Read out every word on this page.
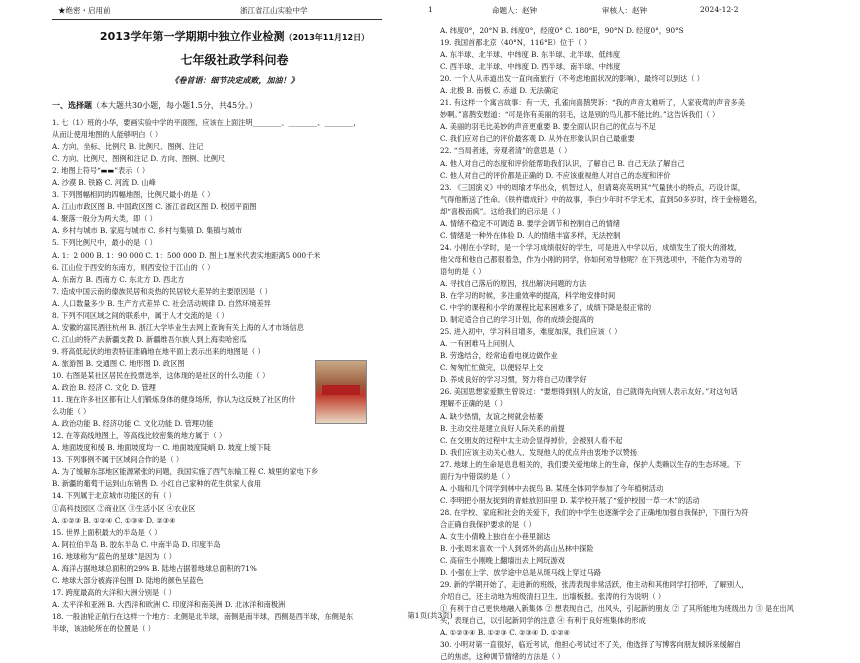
★绝密・启用前	浙江省江山实验中学	1	命题人：赵钟	审核人：赵钟	2024-12-2
2013学年第一学期期中独立作业检测（2013年11月12日）
七年级社政学科问卷
《卷首语：细节决定成败，加油！》
一、选择题（本大题共30小题，每小题1.5分，共45分。）
1. 七（1）班的小华，要画实验中学的平面图，应该在上面注明________、________、________，
从而让使用地图的人能够明白（ ）
A. 方向、坐标、比例尺 B. 比例尺、图例、注记
C. 方向、比例尺、图例和注记 D. 方向、图例、比例尺
2. 地图上符号“▬▬”表示（ ）
A. 沙漠 B. 铁路 C. 河流 D. 山峰
3. 下列图幅相同的四幅地图，比例尺最小的是（ ）
A. 江山市政区图 B. 中国政区图 C. 浙江省政区图 D. 校园平面图
4. 聚落一般分为两大类，即（ ）
A. 乡村与城市 B. 家庭与城市 C. 乡村与集镇 D. 集镇与城市
5. 下列比例尺中，最小的是（ ）
A. 1：2 000 B. 1：90 000 C. 1：500 000 D. 图上1厘米代表实地距离5 000千米
6. 江山位于西安的东南方，则西安位于江山的（ ）
A. 东南方 B. 西南方 C. 东北方 D. 西北方
7. 造成中国云南的傣族民居和炎热的民居较大差异的主要原因是（ ）
A. 人口数量多少 B. 生产方式差异 C. 社会活动规律 D. 自然环境差异
8. 下列不同区域之间的联系中，属于人才交流的是（ ）
A. 安徽的富民酒往杭州 B. 浙江大学毕业生去网上查询有关上海的人才市场信息
C. 江山的特产去新疆支教 D. 新疆维吾尔族人到上海卖哈密瓜
9. 将高低起伏的地表特征准确地在地平面上表示出来的地图是（ ）
A. 旅游图 B. 交通图 C. 地形图 D. 政区图
10. 右图是某社区居民在投票选举，这体现的是社区的什么功能（ ）
A. 政治 B. 经济 C. 文化 D. 管理
11. 现在许多社区都有让人们锻炼身体的健身场所，你认为这反映了社区的什
么功能（ ）
A. 政治功能 B. 经济功能 C. 文化功能 D. 管理功能
12. 在等高线地图上，等高线比较密集的地方属于（ ）
A. 地面坡度和缓 B. 地面坡度均一 C. 地面坡度陡峭 D. 坡度上缓下陡
13. 下列事例不属于区域间合作的是（ ）
A. 为了缓解东部地区能源紧张的问题，我国实施了西气东输工程 C. 城里的家电下乡
B. 新疆的葡萄干运到山东销售 D. 小红自己家种的花生供家人食用
14. 下列属于北京城市功能区的有（ ）
①高科技园区 ②商业区 ③生活小区 ④农业区
A. ①②③ B. ①②④ C. ①③④ D. ②③④
15. 世界上面积最大的半岛是（ ）
A. 阿拉伯半岛 B. 胶东半岛 C. 中南半岛 D. 印度半岛
16. 地球称为“蓝色的星球”是因为（ ）
A. 海洋占据地球总面积的29% B. 陆地占据着地球总面积的71%
C. 地球大部分被海洋包围 D. 陆地的颜色呈蓝色
17. 跨度最高的大洋和大洲分别是（ ）
A. 太平洋和亚洲 B. 大西洋和欧洲 C. 印度洋和南美洲 D. 北冰洋和南极洲
18. 一般油轮正航行在这样一个地方：北侧是北半球，南侧是南半球，西侧是西半球，东侧是东
半球，该油轮所在的位置是（ ）
A. 纬度0°，20°N B. 纬度0°，经度0° C. 180°E，90°N D. 经度0°，90°S
19. 我国首都北京（40°N，116°E）位于（ ）
A. 东半球、北半球、中纬度 B. 东半球、北半球、低纬度
C. 西半球、北半球、中纬度 D. 西半球、南半球、中纬度
20. 一个人从赤道出发一直向南旅行（不考虑地面状况的影响），最终可以到达（ ）
A. 北极 B. 南极 C. 赤道 D. 无法确定
21. 有这样一个寓言故事：有一天，孔雀向喜鹊哭诉：“我的声音太难听了，人家夜莺的声音多美
妙啊。”喜鹊安慰道：“可是你有美丽的羽毛，这是别的鸟儿都不能比的。”这告诉我们（ ）
A. 美丽的羽毛比美妙的声音更重要 B. 要全面认识自己的优点与不足
C. 我们应对自己的评价最客观 D. 从外在形象认识自己最重要
22. “当局者迷，旁观者清”的意思是（ ）
A. 他人对自己的态度和评价能帮助我们认识，了解自己 B. 自己无法了解自己
C. 他人对自己的评价都是正确的 D. 不应该重视他人对自己的态度和评价
23. 《三国演义》中的周瑜才华出众，机智过人，但请葛亮英明其“气量狭小的特点，巧设计谋，
气得他断送了性命。《铁杵磨成针》中的故事，李白少年时不学无术，直到50多岁时，终于金榜题名，
却“喜极而疯”。这给我们的启示是（ ）
A. 情绪不稳定不可调适 B. 要学会调节和控制自己的情绪
C. 情绪是一种外在体验 D. 人的情绪丰富多样，无法控制
24. 小刚在小学时，是一个学习成绩很好的学生，可是进入中学以后，成绩发生了很大的滑坡，
他父母和他自己都很着急，作为小刚的同学，你如何劝导他呢？在下列选项中，不能作为劝导的
语句的是（ ）
A. 寻找自己落后的原因，找出解决问题的方法
B. 在学习的时候，多注重效率的提高，科学地安排时间
C. 中学的课程和小学的课程比起来困难多了，成绩下降是很正常的
D. 制定适合自己的学习计划，你的成绩会提高的
25. 进入初中，学习科目增多，难度加深，我们应该（ ）
A. 一有困难马上问别人
B. 劳逸结合，经常追看电视边做作业
C. 匆匆忙忙做完，以便轻早上交
D. 养成良好的学习习惯，努力将自己功课学好
26. 美国思想家爱默生曾说过：“要想得到别人的友谊，自己就得先向别人表示友好。”对这句话
理解不正确的是（ ）
A. 缺少热情，友谊之树就会枯萎
B. 主动交往是建立良好人际关系的前提
C. 在交朋友的过程中太主动会显得掉价，会被别人看不起
D. 我们应该主动关心他人、发现他人的优点并由衷地予以赞扬
27. 地球上的生命是息息相关的，我们要关爱地球上的生命，保护人类赖以生存的生态环境。下
面行为中错误的是（ ）
A. 小瑞和几个同学到林中去捉鸟 B. 某班全体同学参加了今年植树活动
C. 李明把小朋友捉到的青蛙放回田里 D. 某学校开展了“爱护校园一草一木”的活动
28. 在学校、家庭和社会的关爱下，我们的中学生也逐渐学会了正确地加强自我保护，下面行为符
合正确自我保护要求的是（ ）
A. 女生小倩晚上独自在小巷里溜达
B. 小张周末喜欢一个人到郊外的高山丛林中探险
C. 高宿生小刚晚上翻墙出去上网玩游戏
D. 小强在上学、放学途中总是从斑马线上穿过马路
29. 新的学期开始了，走进新的班级，张涛表现非常活跃，他主动和其他同学打招呼，了解别人，
介绍自己，还主动地为班级清扫卫生、出墙板报。张涛的行为说明（ ）
① 有利于自己更快地融入新集体 ② 想表现自己，出风头，引起新的朋友 ② 了其所能地为班级出力 ③ 是在出风
头，表现自己，以引起新同学的注意 ④ 有利于良好班集体的形成
A. ①②③④ B. ①②③ C. ②③④ D. ①②④
30. 小明对第一直很好，临近考试，他担心考试过不了关，他选择了写博客向朋友倾诉来缓解自
己的焦虑，这种调节情绪的方法是（ ）
第1页(共3页)
